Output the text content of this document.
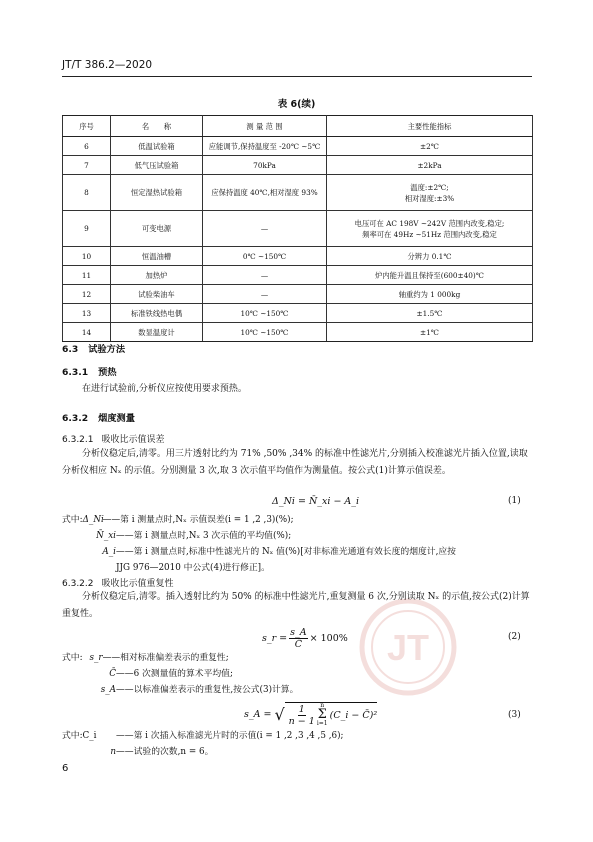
JT/T 386.2—2020
表 6(续)
序号	名　　称	测 量 范 围	主要性能指标
6	低温试验箱	应能调节,保持温度至 -20℃ ~5℃	±2℃
7	低气压试验箱	70kPa	±2kPa
8	恒定湿热试验箱	应保持温度 40℃,相对湿度 93%	温度:±2℃;
相对湿度:±3%
9	可变电源	—	电压可在 AC 198V ~242V 范围内改变,稳定;
频率可在 49Hz ~51Hz 范围内改变,稳定
10	恒温油槽	0℃ ~150℃	分辨力 0.1℃
11	加热炉	—	炉内能升温且保持至(600±40)℃
12	试验柴油车	—	轴重约为 1 000kg
13	标准铁线热电偶	10℃ ~150℃	±1.5℃
14	数显温度计	10℃ ~150℃	±1℃
6.3 试验方法
6.3.1 预热
在进行试验前,分析仪应按使用要求预热。
6.3.2 烟度测量
6.3.2.1 吸收比示值误差
分析仪稳定后,清零。用三片透射比约为 71% ,50% ,34% 的标准中性滤光片,分别插入校准滤光片插入位置,读取分析仪相应 Nₓ 的示值。分别测量 3 次,取 3 次示值平均值作为测量值。按公式(1)计算示值误差。
Δ_Ni = N̄_xi − A_i	(1)
式中: Δ_Ni
——第 i 测量点时,Nₓ 示值误差(i = 1 ,2 ,3)(%);
N̄_xi ——第 i 测量点时,Nₓ 3 次示值的平均值(%);
A_i ——第 i 测量点时,标准中性滤光片的 Nₓ 值(%)[对非标准光通道有效长度的烟度计,应按
JJG 976—2010 中公式(4)进行修正]。
6.3.2.2 吸收比示值重复性
分析仪稳定后,清零。插入透射比约为 50% 的标准中性滤光片,重复测量 6 次,分别读取 Nₓ 的示值,按公式(2)计算重复性。
s_r = $\frac{s\_A}{C̄} \times 100\%$	(2)
式中: s_r ——相对标准偏差表示的重复性;
C̄ ——6 次测量值的算术平均值;
s_A ——以标准偏差表示的重复性,按公式(3)计算。
s_A = √ $\frac{1}{n - 1}$ n
Σ
i=1
(C_i − C̄)²	(3)
式中:C_i	——第 i 次插入标准滤光片时的示值(i = 1 ,2 ,3 ,4 ,5 ,6);
n ——试验的次数,n = 6。
JT
6
